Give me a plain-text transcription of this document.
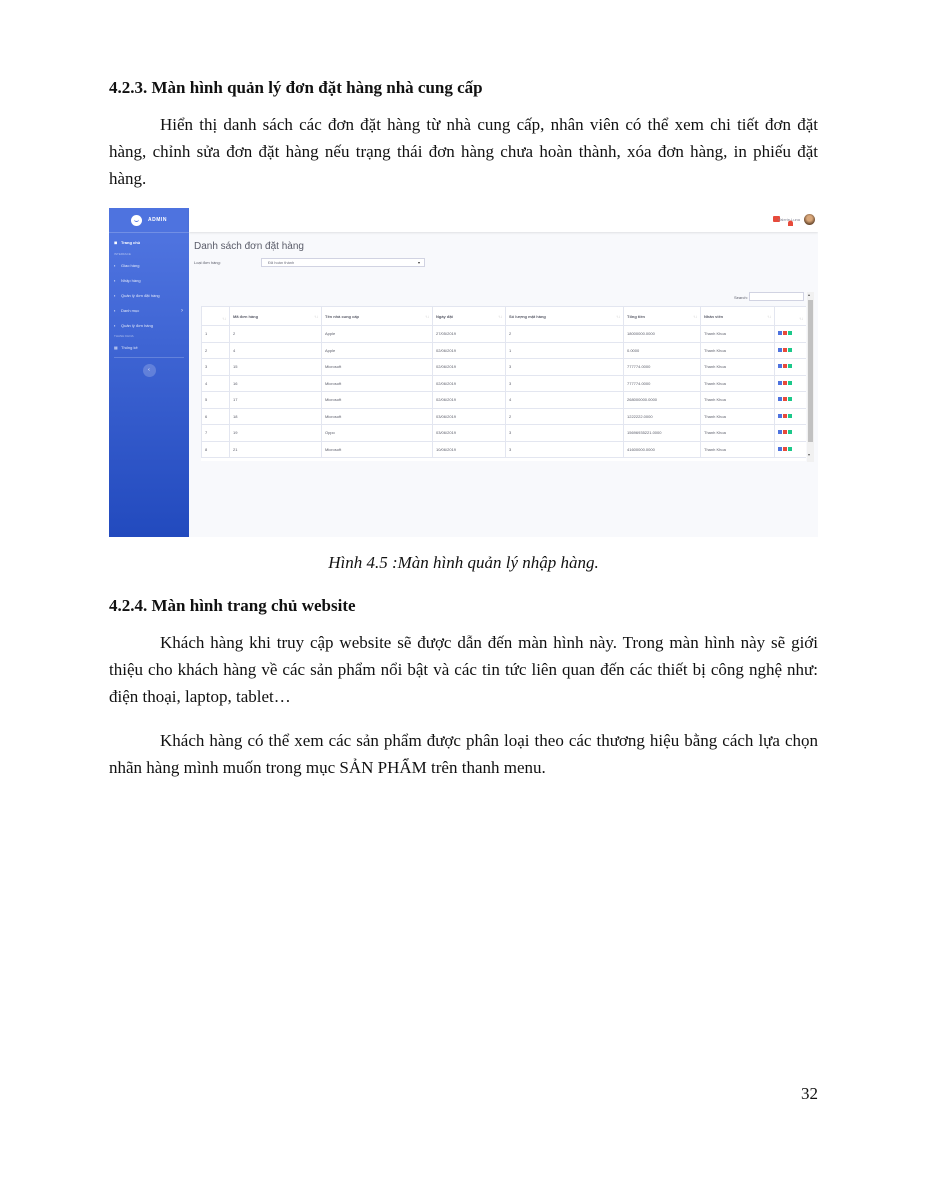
4.2.3. Màn hình quản lý đơn đặt hàng nhà cung cấp

Hiển thị danh sách các đơn đặt hàng từ nhà cung cấp, nhân viên có thể xem chi tiết đơn đặt hàng, chỉnh sửa đơn đặt hàng nếu trạng thái đơn hàng chưa hoàn thành, xóa đơn hàng, in phiếu đặt hàng.

ADMIN
◼ Trang chủ
INTERFACE
▪	Giao hàng
▪	Nhập hàng
▪	Quản lý đơn đặt hàng
▪	Danh mục	›
▪	Quản lý đơn hàng
THANH KHOA
▦ Thống kê
‹
Valerie Luna
Danh sách đơn đặt hàng
Loại đơn hàng:	Đã hoàn thành	▾
Search:
↑↓	Mã đơn hàng ↑↓	Tên nhà cung cấp ↑↓	Ngày đặt ↑↓	Số lượng mặt hàng ↑↓	Tổng tiền ↑↓	Nhân viên ↑↓	↑↓

1	2	Apple	27/05/2019	2	18000000.0000	Thanh Khoa	
2	4	Apple	02/06/2019	1	0.0000	Thanh Khoa	
3	15	Microsoft	02/06/2019	3	777774.0000	Thanh Khoa	
4	16	Microsoft	02/06/2019	3	777774.0000	Thanh Khoa	
5	17	Microsoft	02/06/2019	4	268000000.0000	Thanh Khoa	
6	18	Microsoft	03/06/2019	2	1222222.0000	Thanh Khoa	
7	19	Oppo	03/06/2019	3	15696935221.0000	Thanh Khoa	
8	21	Microsoft	10/06/2019	3	41600000.0000	Thanh Khoa	
▴
▾

Hình 4.5 :Màn hình quản lý nhập hàng.

4.2.4. Màn hình trang chủ website

Khách hàng khi truy cập website sẽ được dẫn đến màn hình này. Trong màn hình này sẽ giới thiệu cho khách hàng về các sản phẩm nổi bật và các tin tức liên quan đến các thiết bị công nghệ như: điện thoại, laptop, tablet…

Khách hàng có thể xem các sản phẩm được phân loại theo các thương hiệu bằng cách lựa chọn nhãn hàng mình muốn trong mục SẢN PHẨM trên thanh menu.

32
